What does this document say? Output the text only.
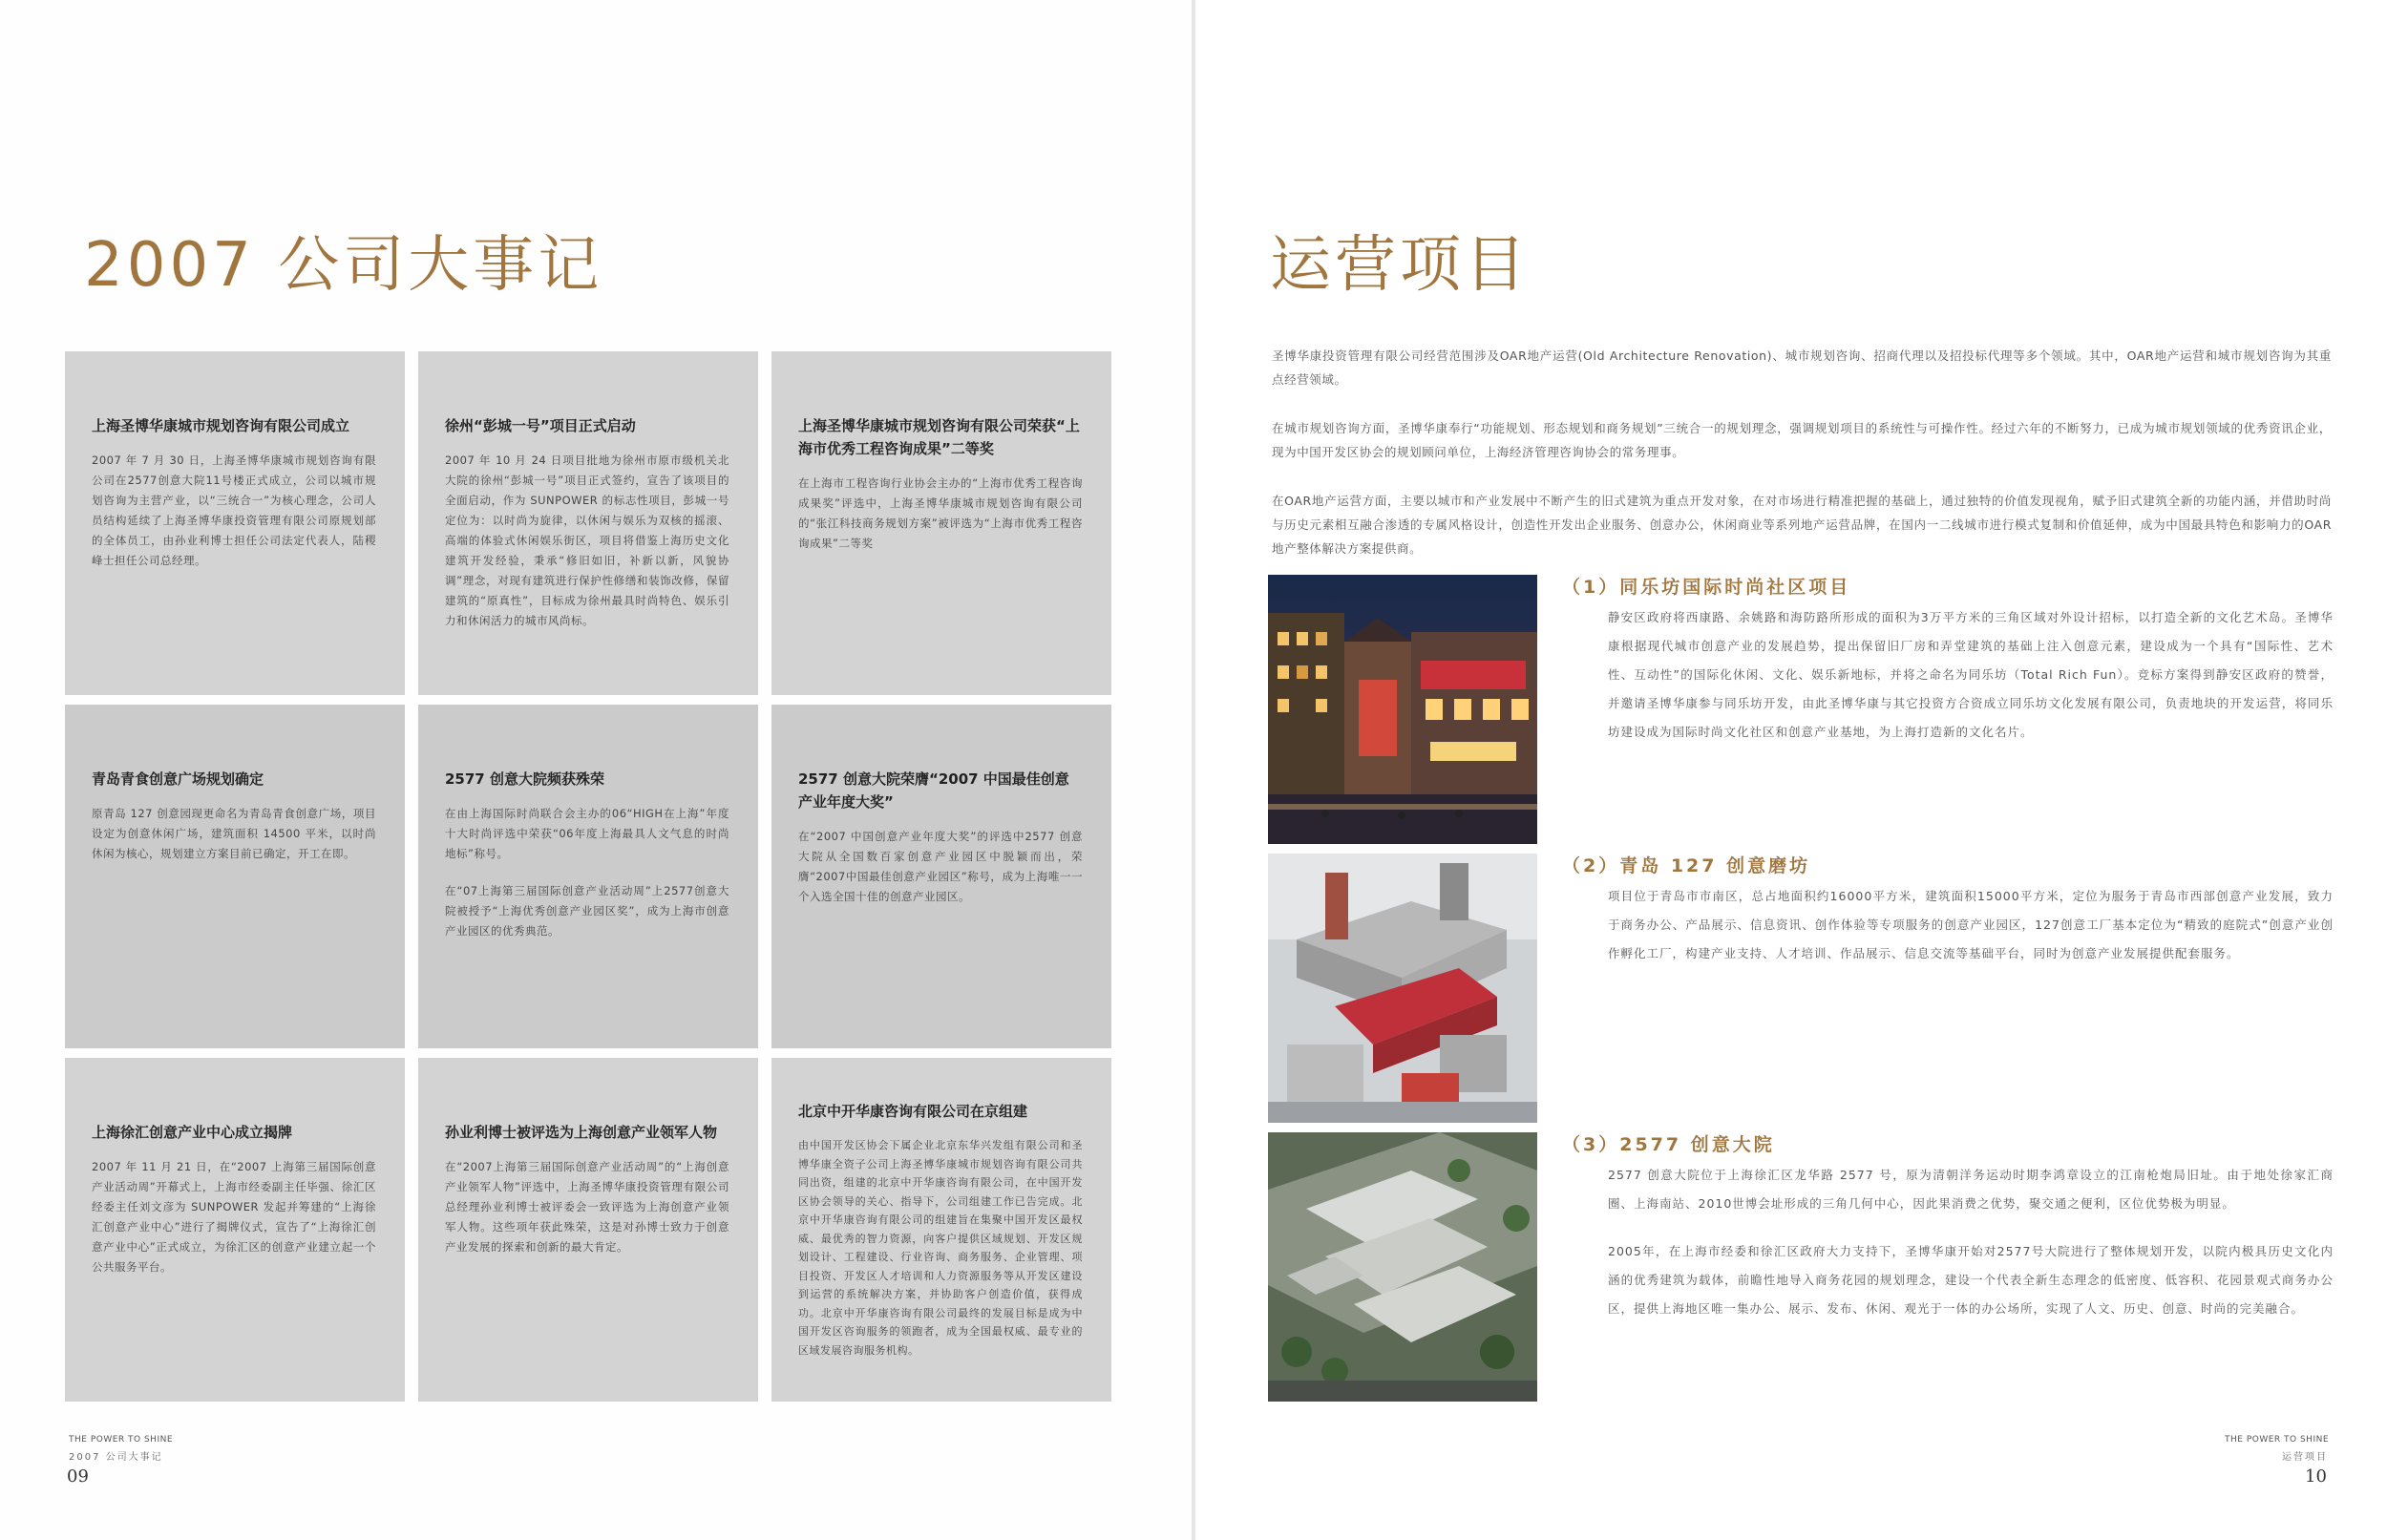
2007 公司大事记
上海圣博华康城市规划咨询有限公司成立

2007 年 7 月 30 日，上海圣博华康城市规划咨询有限公司在2577创意大院11号楼正式成立，公司以城市规划咨询为主营产业，以“三统合一”为核心理念，公司人员结构延续了上海圣博华康投资管理有限公司原规划部的全体员工，由孙业利博士担任公司法定代表人，陆稷峰士担任公司总经理。

徐州“彭城一号”项目正式启动

2007 年 10 月 24 日项目批地为徐州市原市级机关北大院的徐州“彭城一号”项目正式签约，宣告了该项目的全面启动，作为 SUNPOWER 的标志性项目，彭城一号定位为：以时尚为旋律，以休闲与娱乐为双核的摇滚、高端的体验式休闲娱乐街区，项目将借鉴上海历史文化建筑开发经验，秉承“修旧如旧，补新以新，风貌协调”理念，对现有建筑进行保护性修缮和装饰改修，保留建筑的“原真性”，目标成为徐州最具时尚特色、娱乐引力和休闲活力的城市风尚标。

上海圣博华康城市规划咨询有限公司荣获“上海市优秀工程咨询成果”二等奖

在上海市工程咨询行业协会主办的“上海市优秀工程咨询成果奖”评选中，上海圣博华康城市规划咨询有限公司的“张江科技商务规划方案”被评选为“上海市优秀工程咨询成果”二等奖

青岛青食创意广场规划确定

原青岛 127 创意园现更命名为青岛青食创意广场，项目设定为创意休闲广场，建筑面积 14500 平米，以时尚休闲为核心，规划建立方案目前已确定，开工在即。

2577 创意大院频获殊荣

在由上海国际时尚联合会主办的06“HIGH在上海”年度十大时尚评选中荣获“06年度上海最具人文气息的时尚地标”称号。

在“07上海第三届国际创意产业活动周”上2577创意大院被授予“上海优秀创意产业园区奖”，成为上海市创意产业园区的优秀典范。

2577 创意大院荣膺“2007 中国最佳创意产业年度大奖”

在“2007 中国创意产业年度大奖”的评选中2577 创意大院从全国数百家创意产业园区中脱颖而出，荣膺“2007中国最佳创意产业园区”称号，成为上海唯一一个入选全国十佳的创意产业园区。

上海徐汇创意产业中心成立揭牌

2007 年 11 月 21 日，在“2007 上海第三届国际创意产业活动周”开幕式上，上海市经委副主任毕强、徐汇区经委主任刘文彦为 SUNPOWER 发起并筹建的“上海徐汇创意产业中心”进行了揭牌仪式，宣告了“上海徐汇创意产业中心”正式成立，为徐汇区的创意产业建立起一个公共服务平台。

孙业利博士被评选为上海创意产业领军人物

在“2007上海第三届国际创意产业活动周”的“上海创意产业领军人物”评选中，上海圣博华康投资管理有限公司总经理孙业利博士被评委会一致评选为上海创意产业领军人物。这些项年获此殊荣，这是对孙博士致力于创意产业发展的探索和创新的最大肯定。

北京中开华康咨询有限公司在京组建

由中国开发区协会下属企业北京东华兴发组有限公司和圣博华康全资子公司上海圣博华康城市规划咨询有限公司共同出资，组建的北京中开华康咨询有限公司，在中国开发区协会领导的关心、指导下，公司组建工作已告完成。北京中开华康咨询有限公司的组建旨在集聚中国开发区最权威、最优秀的智力资源，向客户提供区域规划、开发区规划设计、工程建设、行业咨询、商务服务、企业管理、项目投资、开发区人才培训和人力资源服务等从开发区建设到运营的系统解决方案，并协助客户创造价值，获得成功。北京中开华康咨询有限公司最终的发展目标是成为中国开发区咨询服务的领跑者，成为全国最权威、最专业的区域发展咨询服务机构。

THE POWER TO SHINE
2007 公司大事记
09
运营项目

圣博华康投资管理有限公司经营范围涉及OAR地产运营(Old Architecture Renovation)、城市规划咨询、招商代理以及招投标代理等多个领域。其中，OAR地产运营和城市规划咨询为其重点经营领域。

在城市规划咨询方面，圣博华康奉行“功能规划、形态规划和商务规划”三统合一的规划理念，强调规划项目的系统性与可操作性。经过六年的不断努力，已成为城市规划领域的优秀资讯企业，现为中国开发区协会的规划顾问单位，上海经济管理咨询协会的常务理事。

在OAR地产运营方面，主要以城市和产业发展中不断产生的旧式建筑为重点开发对象，在对市场进行精准把握的基础上，通过独特的价值发现视角，赋予旧式建筑全新的功能内涵，并借助时尚与历史元素相互融合渗透的专属风格设计，创造性开发出企业服务、创意办公，休闲商业等系列地产运营品牌，在国内一二线城市进行模式复制和价值延伸，成为中国最具特色和影响力的OAR地产整体解决方案提供商。

（1）同乐坊国际时尚社区项目

静安区政府将西康路、余姚路和海防路所形成的面积为3万平方米的三角区域对外设计招标，以打造全新的文化艺术岛。圣博华康根据现代城市创意产业的发展趋势，提出保留旧厂房和弄堂建筑的基础上注入创意元素，建设成为一个具有“国际性、艺术性、互动性”的国际化休闲、文化、娱乐新地标，并将之命名为同乐坊（Total Rich Fun）。竞标方案得到静安区政府的赞誉，并邀请圣博华康参与同乐坊开发，由此圣博华康与其它投资方合资成立同乐坊文化发展有限公司，负责地块的开发运营，将同乐坊建设成为国际时尚文化社区和创意产业基地，为上海打造新的文化名片。

（2）青岛 127 创意磨坊

项目位于青岛市市南区，总占地面积约16000平方米，建筑面积15000平方米，定位为服务于青岛市西部创意产业发展，致力于商务办公、产品展示、信息资讯、创作体验等专项服务的创意产业园区，127创意工厂基本定位为“精致的庭院式”创意产业创作孵化工厂，构建产业支持、人才培训、作品展示、信息交流等基础平台，同时为创意产业发展提供配套服务。

（3）2577 创意大院

2577 创意大院位于上海徐汇区龙华路 2577 号，原为清朝洋务运动时期李鸿章设立的江南枪炮局旧址。由于地处徐家汇商圈、上海南站、2010世博会址形成的三角几何中心，因此果消费之优势，聚交通之便利，区位优势极为明显。

2005年，在上海市经委和徐汇区政府大力支持下，圣博华康开始对2577号大院进行了整体规划开发，以院内极具历史文化内涵的优秀建筑为载体，前瞻性地导入商务花园的规划理念，建设一个代表全新生态理念的低密度、低容积、花园景观式商务办公区，提供上海地区唯一集办公、展示、发布、休闲、观光于一体的办公场所，实现了人文、历史、创意、时尚的完美融合。

THE POWER TO SHINE
运营项目
10
